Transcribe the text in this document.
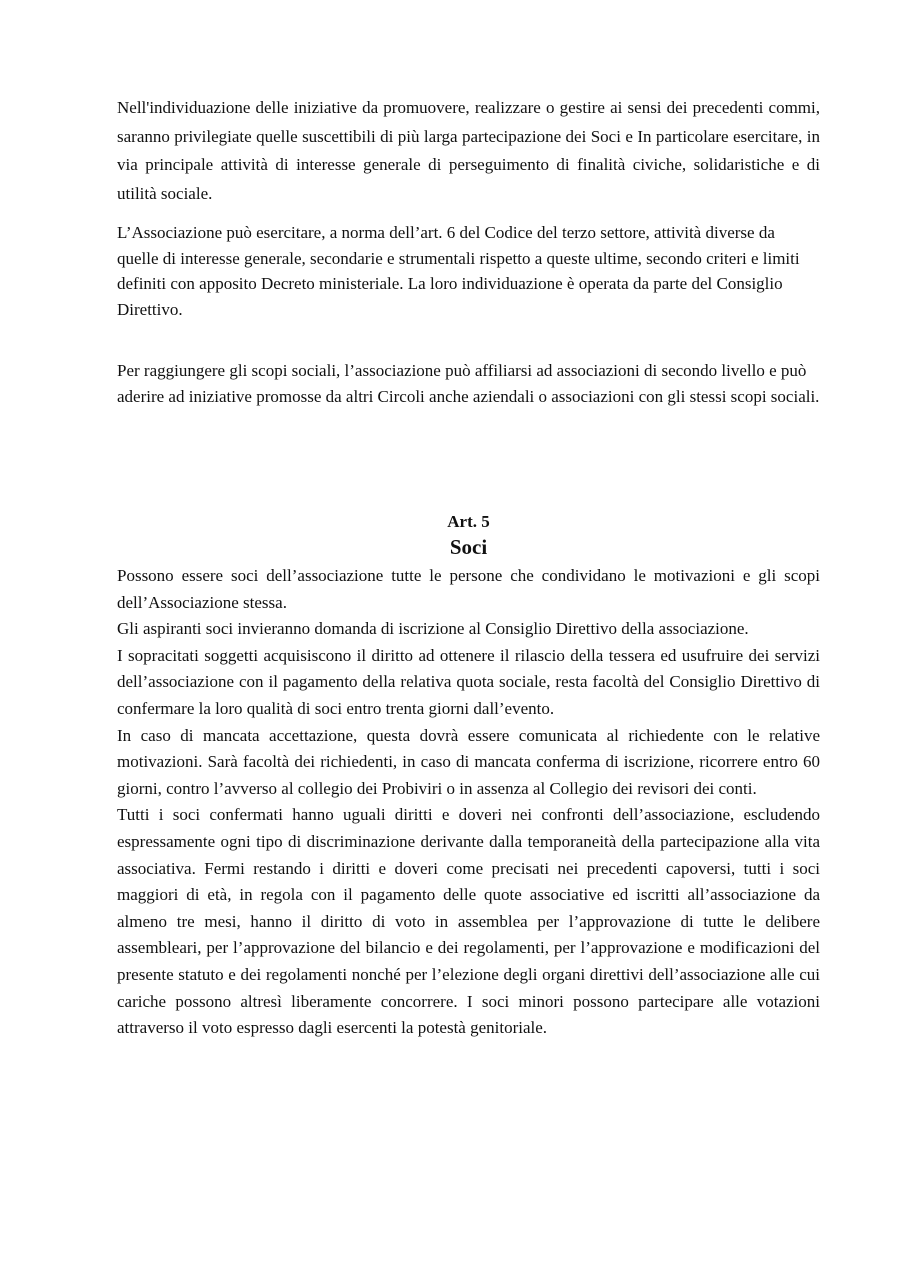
Nell'individuazione delle iniziative da promuovere, realizzare o gestire ai sensi dei precedenti commi, saranno privilegiate quelle suscettibili di più larga partecipazione dei Soci e In particolare esercitare, in via principale attività di interesse generale di perseguimento di finalità civiche, solidaristiche e di utilità sociale.

L’Associazione può esercitare, a norma dell’art. 6 del Codice del terzo settore, attività diverse da quelle di interesse generale, secondarie e strumentali rispetto a queste ultime, secondo criteri e limiti definiti con apposito Decreto ministeriale. La loro individuazione è operata da parte del Consiglio Direttivo.

Per raggiungere gli scopi sociali, l’associazione può affiliarsi ad associazioni di secondo livello e può aderire ad iniziative promosse da altri Circoli anche aziendali o associazioni con gli stessi scopi sociali.

Art. 5
Soci
Possono essere soci dell’associazione tutte le persone che condividano le motivazioni e gli scopi dell’Associazione stessa.
Gli aspiranti soci invieranno domanda di iscrizione al Consiglio Direttivo della associazione.
I sopracitati soggetti acquisiscono il diritto ad ottenere il rilascio della tessera ed usufruire dei servizi dell’associazione con il pagamento della relativa quota sociale, resta facoltà del Consiglio Direttivo di confermare la loro qualità di soci entro trenta giorni dall’evento.
In caso di mancata accettazione, questa dovrà essere comunicata al richiedente con le relative motivazioni. Sarà facoltà dei richiedenti, in caso di mancata conferma di iscrizione, ricorrere entro 60 giorni, contro l’avverso al collegio dei Probiviri o in assenza al Collegio dei revisori dei conti.
Tutti i soci confermati hanno uguali diritti e doveri nei confronti dell’associazione, escludendo espressamente ogni tipo di discriminazione derivante dalla temporaneità della partecipazione alla vita associativa. Fermi restando i diritti e doveri come precisati nei precedenti capoversi, tutti i soci maggiori di età, in regola con il pagamento delle quote associative ed iscritti all’associazione da almeno tre mesi, hanno il diritto di voto in assemblea per l’approvazione di tutte le delibere assembleari, per l’approvazione del bilancio e dei regolamenti, per l’approvazione e modificazioni del presente statuto e dei regolamenti nonché per l’elezione degli organi direttivi dell’associazione alle cui cariche possono altresì liberamente concorrere. I soci minori possono partecipare alle votazioni attraverso il voto espresso dagli esercenti la potestà genitoriale.
